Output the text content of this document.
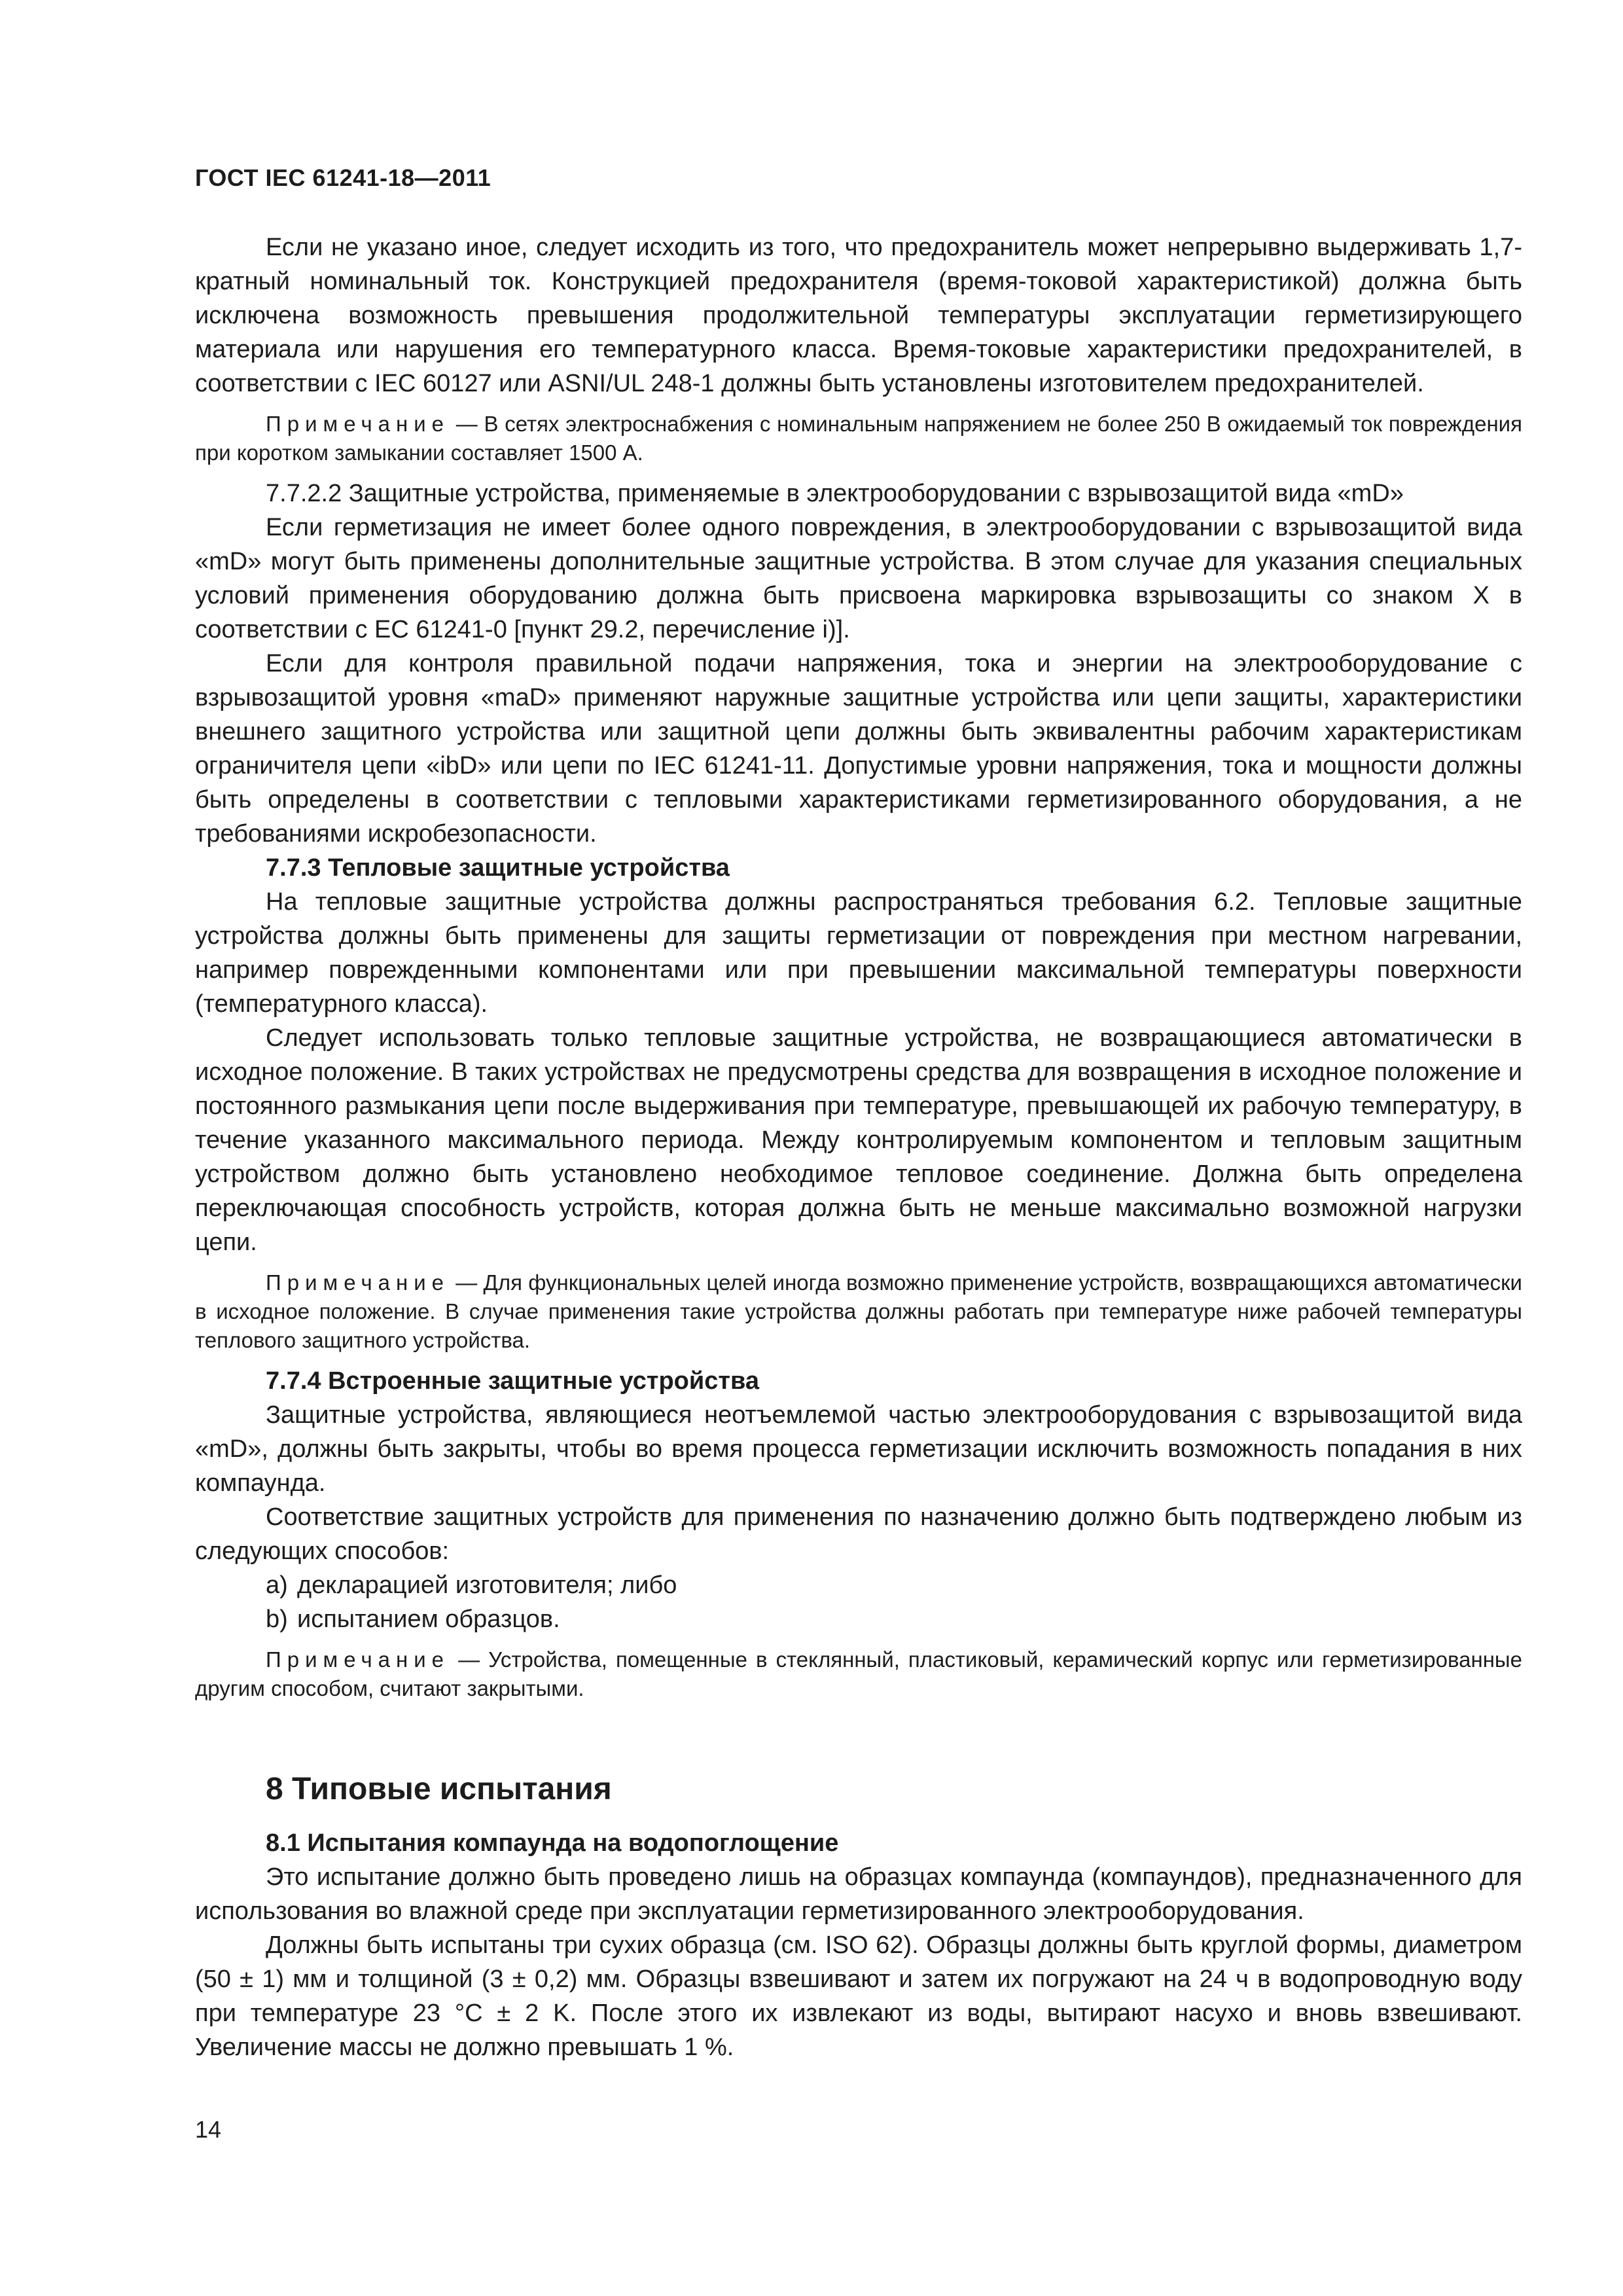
ГОСТ IEC 61241-18—2011

Если не указано иное, следует исходить из того, что предохранитель может непрерывно выдерживать 1,7-кратный номинальный ток. Конструкцией предохранителя (время-токовой характеристикой) должна быть исключена возможность превышения продолжительной температуры эксплуатации герметизирующего материала или нарушения его температурного класса. Время-токовые характеристики предохранителей, в соответствии с IEC 60127 или ASNI/UL 248-1 должны быть установлены изготовителем предохранителей.

Примечание — В сетях электроснабжения с номинальным напряжением не более 250 В ожидаемый ток повреждения при коротком замыкании составляет 1500 А.

7.7.2.2 Защитные устройства, применяемые в электрооборудовании с взрывозащитой вида «mD»

Если герметизация не имеет более одного повреждения, в электрооборудовании с взрывозащитой вида «mD» могут быть применены дополнительные защитные устройства. В этом случае для указания специальных условий применения оборудованию должна быть присвоена маркировка взрывозащиты со знаком X в соответствии с ЕС 61241-0 [пункт 29.2, перечисление i)].

Если для контроля правильной подачи напряжения, тока и энергии на электрооборудование с взрывозащитой уровня «maD» применяют наружные защитные устройства или цепи защиты, характеристики внешнего защитного устройства или защитной цепи должны быть эквивалентны рабочим характеристикам ограничителя цепи «ibD» или цепи по IEC 61241-11. Допустимые уровни напряжения, тока и мощности должны быть определены в соответствии с тепловыми характеристиками герметизированного оборудования, а не требованиями искробезопасности.

7.7.3 Тепловые защитные устройства

На тепловые защитные устройства должны распространяться требования 6.2. Тепловые защитные устройства должны быть применены для защиты герметизации от повреждения при местном нагревании, например поврежденными компонентами или при превышении максимальной температуры поверхности (температурного класса).

Следует использовать только тепловые защитные устройства, не возвращающиеся автоматически в исходное положение. В таких устройствах не предусмотрены средства для возвращения в исходное положение и постоянного размыкания цепи после выдерживания при температуре, превышающей их рабочую температуру, в течение указанного максимального периода. Между контролируемым компонентом и тепловым защитным устройством должно быть установлено необходимое тепловое соединение. Должна быть определена переключающая способность устройств, которая должна быть не меньше максимально возможной нагрузки цепи.

Примечание — Для функциональных целей иногда возможно применение устройств, возвращающихся автоматически в исходное положение. В случае применения такие устройства должны работать при температуре ниже рабочей температуры теплового защитного устройства.

7.7.4 Встроенные защитные устройства

Защитные устройства, являющиеся неотъемлемой частью электрооборудования с взрывозащитой вида «mD», должны быть закрыты, чтобы во время процесса герметизации исключить возможность попадания в них компаунда.

Соответствие защитных устройств для применения по назначению должно быть подтверждено любым из следующих способов:

a) декларацией изготовителя; либо

b) испытанием образцов.

Примечание — Устройства, помещенные в стеклянный, пластиковый, керамический корпус или герметизированные другим способом, считают закрытыми.

8 Типовые испытания

8.1 Испытания компаунда на водопоглощение

Это испытание должно быть проведено лишь на образцах компаунда (компаундов), предназначенного для использования во влажной среде при эксплуатации герметизированного электрооборудования.

Должны быть испытаны три сухих образца (см. ISO 62). Образцы должны быть круглой формы, диаметром (50 ± 1) мм и толщиной (3 ± 0,2) мм. Образцы взвешивают и затем их погружают на 24 ч в водопроводную воду при температуре 23 °C ± 2 K. После этого их извлекают из воды, вытирают насухо и вновь взвешивают. Увеличение массы не должно превышать 1 %.

14
